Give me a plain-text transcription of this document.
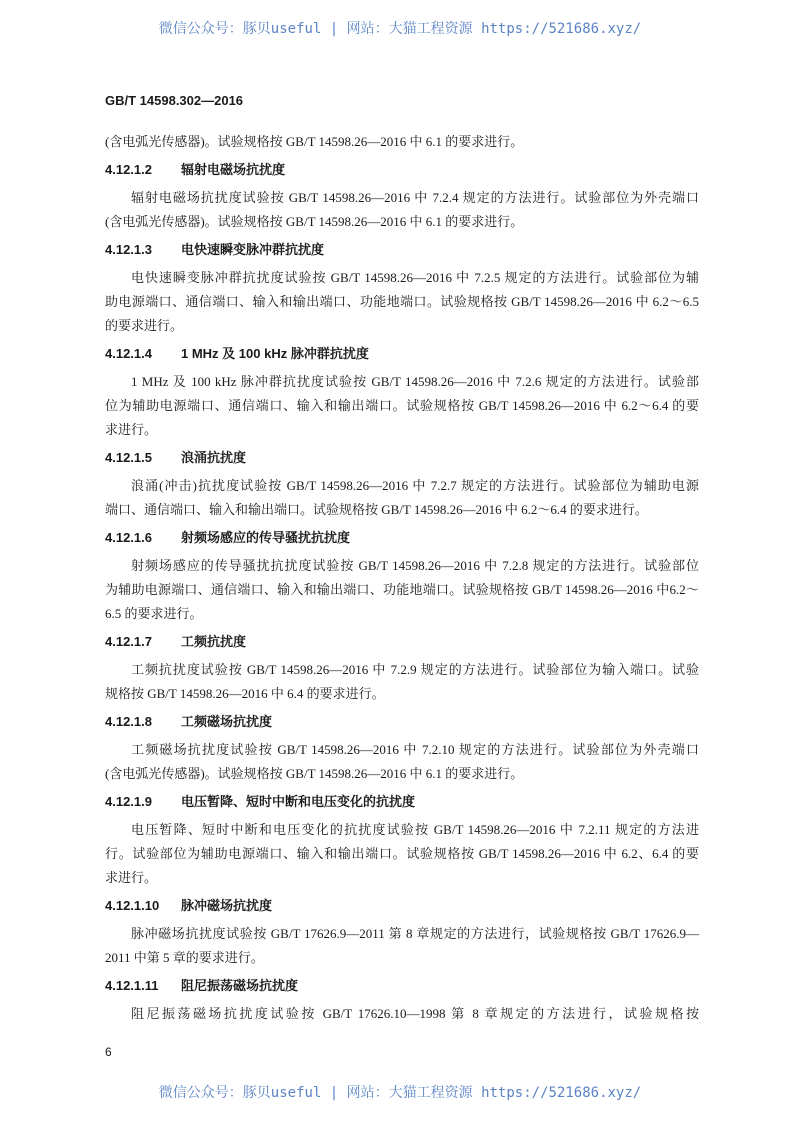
微信公众号：豚贝useful | 网站：大猫工程资源 https://521686.xyz/
GB/T 14598.302—2016
(含电弧光传感器)。试验规格按 GB/T 14598.26—2016 中 6.1 的要求进行。
4.12.1.2 辐射电磁场抗扰度
辐射电磁场抗扰度试验按 GB/T 14598.26—2016 中 7.2.4 规定的方法进行。试验部位为外壳端口
(含电弧光传感器)。试验规格按 GB/T 14598.26—2016 中 6.1 的要求进行。
4.12.1.3 电快速瞬变脉冲群抗扰度
电快速瞬变脉冲群抗扰度试验按 GB/T 14598.26—2016 中 7.2.5 规定的方法进行。试验部位为辅
助电源端口、通信端口、输入和输出端口、功能地端口。试验规格按 GB/T 14598.26—2016 中 6.2～6.5
的要求进行。
4.12.1.4 1 MHz 及 100 kHz 脉冲群抗扰度
1 MHz 及 100 kHz 脉冲群抗扰度试验按 GB/T 14598.26—2016 中 7.2.6 规定的方法进行。试验部
位为辅助电源端口、通信端口、输入和输出端口。试验规格按 GB/T 14598.26—2016 中 6.2～6.4 的要
求进行。
4.12.1.5 浪涌抗扰度
浪涌(冲击)抗扰度试验按 GB/T 14598.26—2016 中 7.2.7 规定的方法进行。试验部位为辅助电源
端口、通信端口、输入和输出端口。试验规格按 GB/T 14598.26—2016 中 6.2～6.4 的要求进行。
4.12.1.6 射频场感应的传导骚扰抗扰度
射频场感应的传导骚扰抗扰度试验按 GB/T 14598.26—2016 中 7.2.8 规定的方法进行。试验部位
为辅助电源端口、通信端口、输入和输出端口、功能地端口。试验规格按 GB/T 14598.26—2016 中6.2～
6.5 的要求进行。
4.12.1.7 工频抗扰度
工频抗扰度试验按 GB/T 14598.26—2016 中 7.2.9 规定的方法进行。试验部位为输入端口。试验
规格按 GB/T 14598.26—2016 中 6.4 的要求进行。
4.12.1.8 工频磁场抗扰度
工频磁场抗扰度试验按 GB/T 14598.26—2016 中 7.2.10 规定的方法进行。试验部位为外壳端口
(含电弧光传感器)。试验规格按 GB/T 14598.26—2016 中 6.1 的要求进行。
4.12.1.9 电压暂降、短时中断和电压变化的抗扰度
电压暂降、短时中断和电压变化的抗扰度试验按 GB/T 14598.26—2016 中 7.2.11 规定的方法进
行。试验部位为辅助电源端口、输入和输出端口。试验规格按 GB/T 14598.26—2016 中 6.2、6.4 的要
求进行。
4.12.1.10 脉冲磁场抗扰度
脉冲磁场抗扰度试验按 GB/T 17626.9—2011 第 8 章规定的方法进行，试验规格按 GB/T 17626.9—
2011 中第 5 章的要求进行。
4.12.1.11 阻尼振荡磁场抗扰度
阻尼振荡磁场抗扰度试验按 GB/T 17626.10—1998 第 8 章规定的方法进行，试验规格按
6
微信公众号：豚贝useful | 网站：大猫工程资源 https://521686.xyz/
